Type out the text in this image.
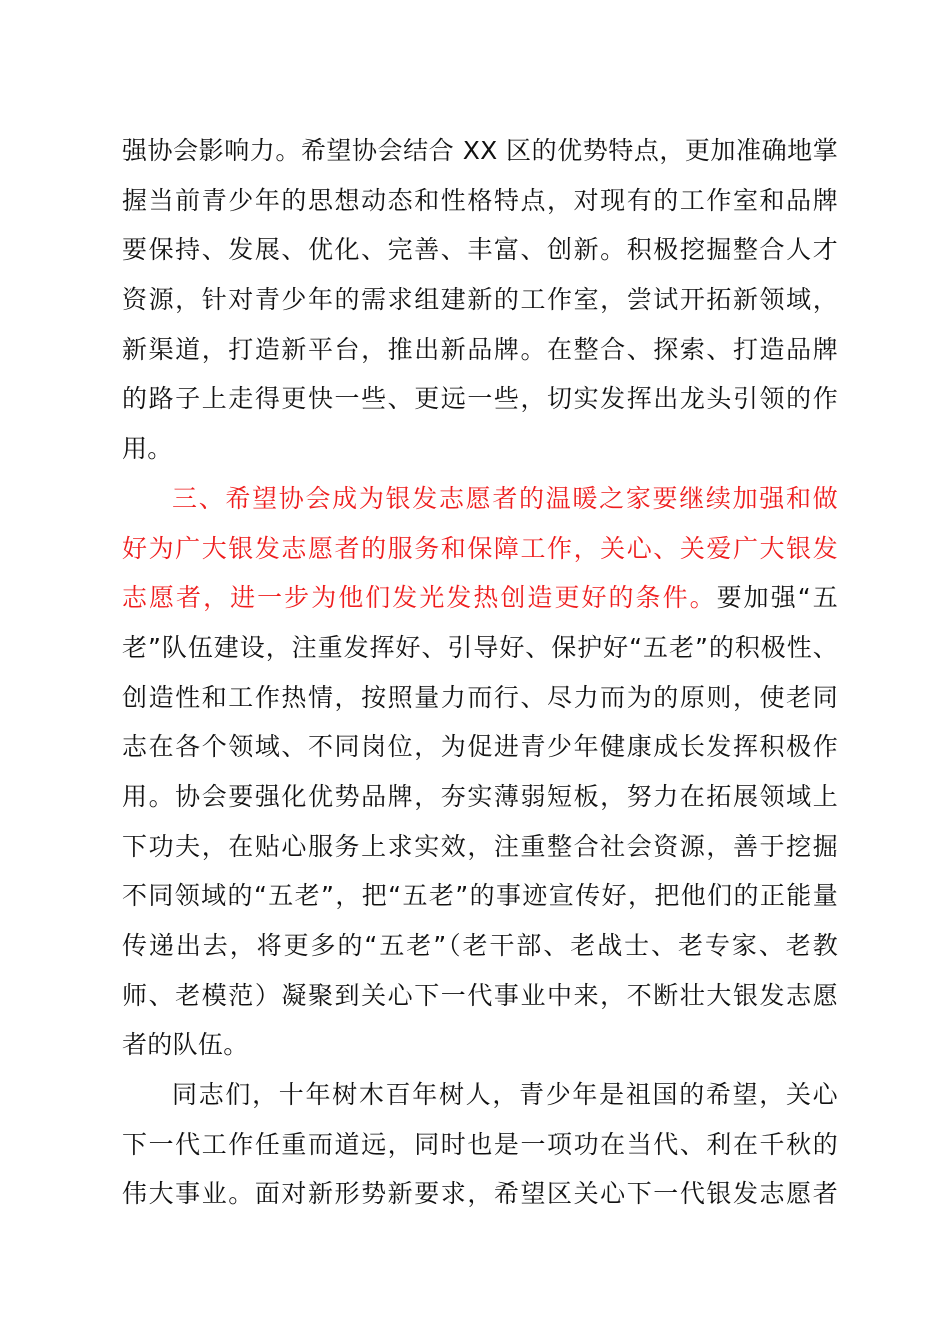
强协会影响力。希望协会结合 XX 区的优势特点，更加准确地掌
握当前青少年的思想动态和性格特点，对现有的工作室和品牌
要保持、发展、优化、完善、丰富、创新。积极挖掘整合人才
资源，针对青少年的需求组建新的工作室，尝试开拓新领域，
新渠道，打造新平台，推出新品牌。在整合、探索、打造品牌
的路子上走得更快一些、更远一些，切实发挥出龙头引领的作
用。
三、希望协会成为银发志愿者的温暖之家要继续加强和做
好为广大银发志愿者的服务和保障工作，关心、关爱广大银发
志愿者，进一步为他们发光发热创造更好的条件。要加强“五
老”队伍建设，注重发挥好、引导好、保护好“五老”的积极性、
创造性和工作热情，按照量力而行、尽力而为的原则，使老同
志在各个领域、不同岗位，为促进青少年健康成长发挥积极作
用。协会要强化优势品牌，夯实薄弱短板，努力在拓展领域上
下功夫，在贴心服务上求实效，注重整合社会资源，善于挖掘
不同领域的“五老”，把“五老”的事迹宣传好，把他们的正能量
传递出去，将更多的“五老”（老干部、老战士、老专家、老教
师、老模范）凝聚到关心下一代事业中来，不断壮大银发志愿
者的队伍。
同志们，十年树木百年树人，青少年是祖国的希望，关心
下一代工作任重而道远，同时也是一项功在当代、利在千秋的
伟大事业。面对新形势新要求，希望区关心下一代银发志愿者
